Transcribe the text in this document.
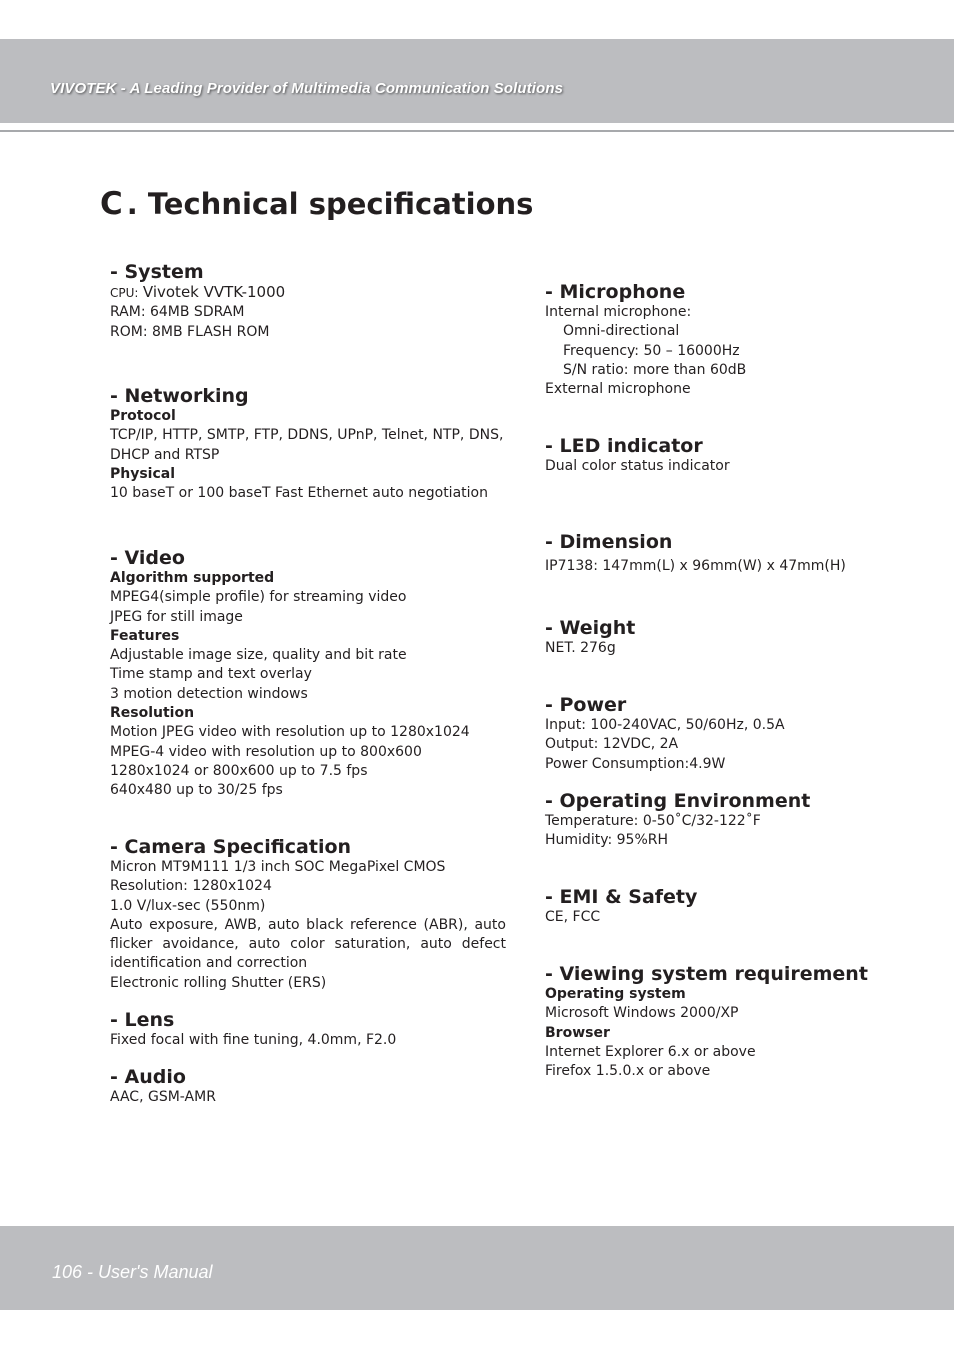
VIVOTEK - A Leading Provider of Multimedia Communication Solutions
C . Technical specifications
- System
CPU: Vivotek VVTK-1000

RAM: 64MB SDRAM

ROM: 8MB FLASH ROM

- Networking
Protocol

TCP/IP, HTTP, SMTP, FTP, DDNS, UPnP, Telnet, NTP, DNS,

DHCP and RTSP

Physical

10 baseT or 100 baseT Fast Ethernet auto negotiation

- Video
Algorithm supported

MPEG4(simple profile) for streaming video

JPEG for still image

Features

Adjustable image size, quality and bit rate

Time stamp and text overlay

3 motion detection windows

Resolution

Motion JPEG video with resolution up to 1280x1024

MPEG-4 video with resolution up to 800x600

1280x1024 or 800x600 up to 7.5 fps

640x480 up to 30/25 fps

- Camera Specification

Micron MT9M111 1/3 inch SOC MegaPixel CMOS

Resolution: 1280x1024

1.0 V/lux-sec (550nm)

Auto exposure, AWB, auto black reference (ABR), auto flicker avoidance, auto color saturation, auto defect

identification and correction

Electronic rolling Shutter (ERS)

- Lens

Fixed focal with fine tuning, 4.0mm, F2.0

- Audio

AAC, GSM-AMR

- Microphone

Internal microphone:

Omni-directional

Frequency: 50 – 16000Hz

S/N ratio: more than 60dB

External microphone

- LED indicator

Dual color status indicator

- Dimension

IP7138: 147mm(L) x 96mm(W) x 47mm(H)

- Weight

NET. 276g

- Power

Input: 100-240VAC, 50/60Hz, 0.5A

Output: 12VDC, 2A

Power Consumption:4.9W

- Operating Environment

Temperature: 0-50˚C/32-122˚F

Humidity: 95%RH

- EMI & Safety

CE, FCC

- Viewing system requirement
Operating system

Microsoft Windows 2000/XP

Browser

Internet Explorer 6.x or above

Firefox 1.5.0.x or above

106 - User's Manual
